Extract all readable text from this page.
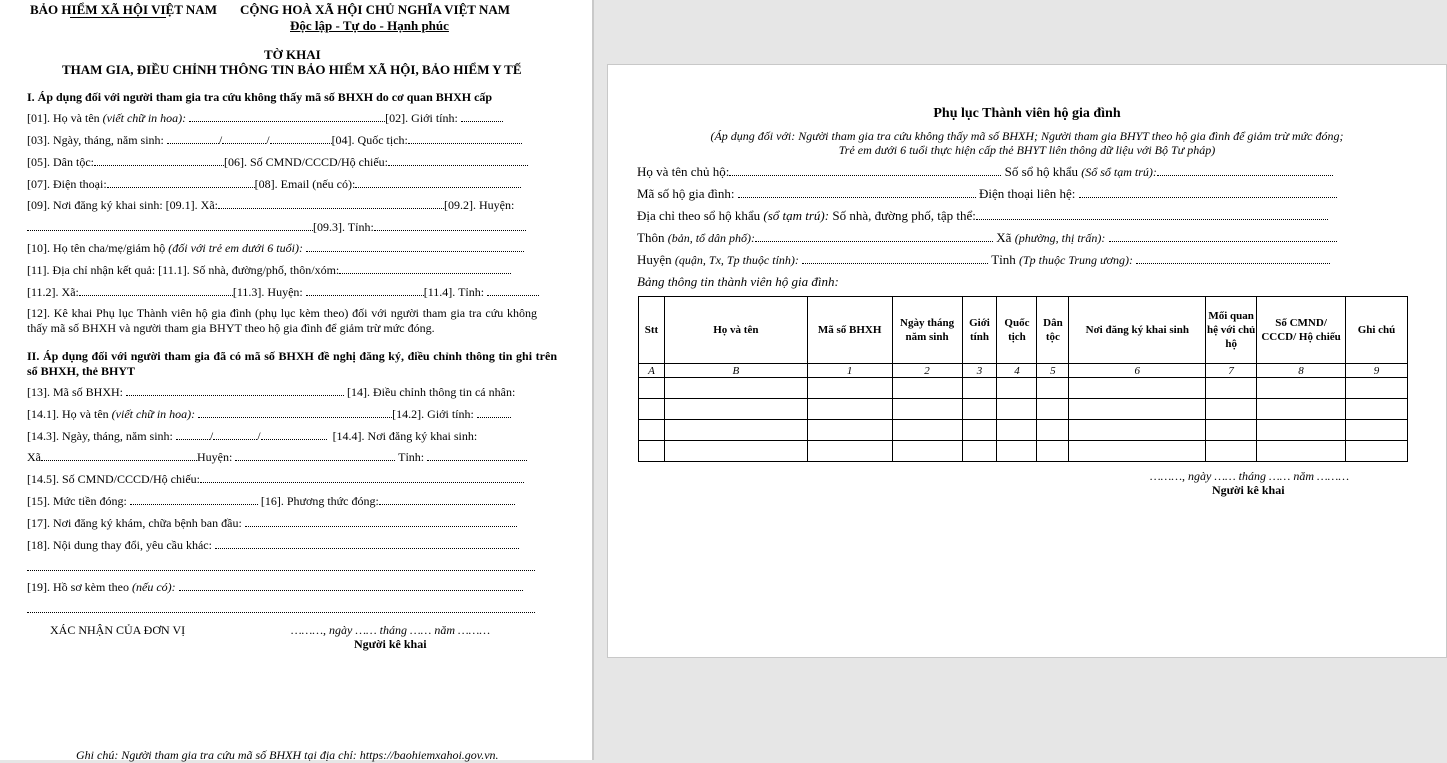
BẢO HIỂM XÃ HỘI VIỆT NAM CỘNG HOÀ XÃ HỘI CHỦ NGHĨA VIỆT NAM
Độc lập - Tự do - Hạnh phúc
TỜ KHAI
THAM GIA, ĐIỀU CHỈNH THÔNG TIN BẢO HIỂM XÃ HỘI, BẢO HIỂM Y TẾ
I. Áp dụng đối với người tham gia tra cứu không thấy mã số BHXH do cơ quan BHXH cấp
[01]. Họ và tên (viết chữ in hoa):	[02]. Giới tính:
[03]. Ngày, tháng, năm sinh:	/	/	[04]. Quốc tịch:
[05]. Dân tộc:	[06]. Số CMND/CCCD/Hộ chiếu:
[07]. Điện thoại:	[08]. Email (nếu có):
[09]. Nơi đăng ký khai sinh: [09.1]. Xã:	[09.2]. Huyện:
[09.3]. Tỉnh:
[10]. Họ tên cha/mẹ/giám hộ (đối với trẻ em dưới 6 tuổi):
[11]. Địa chỉ nhận kết quả: [11.1]. Số nhà, đường/phố, thôn/xóm:
[11.2]. Xã:	[11.3]. Huyện:	[11.4]. Tỉnh:
[12]. Kê khai Phụ lục Thành viên hộ gia đình (phụ lục kèm theo) đối với người tham gia tra cứu không thấy mã số BHXH và người tham gia BHYT theo hộ gia đình để giảm trừ mức đóng.
II. Áp dụng đối với người tham gia đã có mã số BHXH đề nghị đăng ký, điều chỉnh thông tin ghi trên sổ BHXH, thẻ BHYT
[13]. Mã số BHXH:	[14]. Điều chỉnh thông tin cá nhân:
[14.1]. Họ và tên (viết chữ in hoa):	[14.2]. Giới tính:
[14.3]. Ngày, tháng, năm sinh:	/	/	[14.4]. Nơi đăng ký khai sinh:
Xã	Huyện:	Tỉnh:
[14.5]. Số CMND/CCCD/Hộ chiếu:
[15]. Mức tiền đóng:	[16]. Phương thức đóng:
[17]. Nơi đăng ký khám, chữa bệnh ban đầu:
[18]. Nội dung thay đổi, yêu cầu khác:
[19]. Hồ sơ kèm theo (nếu có):
XÁC NHẬN CỦA ĐƠN VỊ	………, ngày …… tháng …… năm ………
Người kê khai
Ghi chú: Người tham gia tra cứu mã số BHXH tại địa chỉ: https://baohiemxahoi.gov.vn.
Phụ lục Thành viên hộ gia đình
(Áp dụng đối với: Người tham gia tra cứu không thấy mã số BHXH; Người tham gia BHYT theo hộ gia đình để giảm trừ mức đóng;
Trẻ em dưới 6 tuổi thực hiện cấp thẻ BHYT liên thông dữ liệu với Bộ Tư pháp)
Họ và tên chủ hộ:	Số sổ hộ khẩu (Sổ sổ tạm trú):
Mã số hộ gia đình:	Điện thoại liên hệ:
Địa chỉ theo sổ hộ khẩu (sổ tạm trú): Số nhà, đường phố, tập thể:
Thôn (bản, tổ dân phố):	Xã (phường, thị trấn):
Huyện (quận, Tx, Tp thuộc tỉnh):	Tỉnh (Tp thuộc Trung ương):
Bảng thông tin thành viên hộ gia đình:
Stt	Họ và tên	Mã số BHXH	Ngày tháng năm sinh	Giới tính	Quốc tịch	Dân tộc	Nơi đăng ký khai sinh	Mối quan hệ với chủ hộ	Số CMND/ CCCD/ Hộ chiếu	Ghi chú
A	B	1	2	3	4	5	6	7	8	9

………, ngày …… tháng …… năm ………
Người kê khai
